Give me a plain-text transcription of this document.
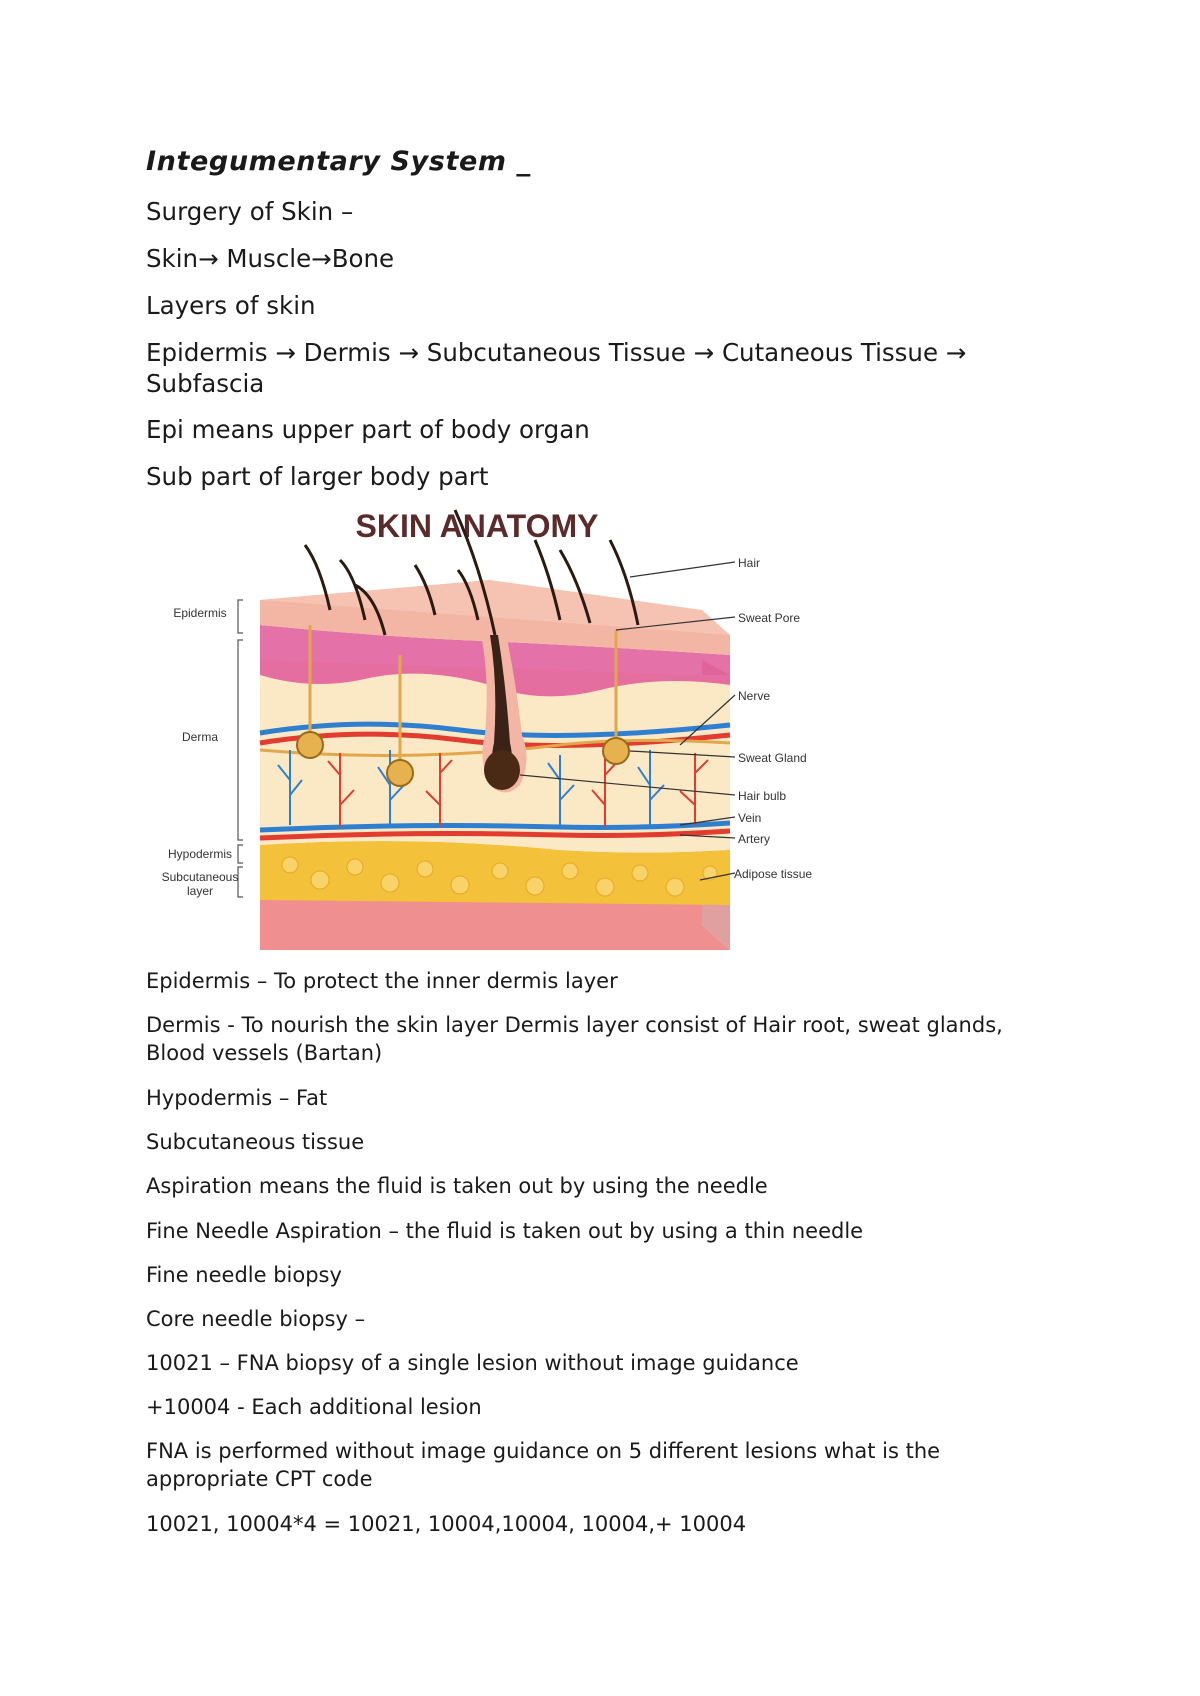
Integumentary System _
Surgery of Skin –
Skin→ Muscle→Bone
Layers of skin
Epidermis → Dermis → Subcutaneous Tissue → Cutaneous Tissue → Subfascia
Epi means upper part of body organ
Sub part of larger body part
Epidermis – To protect the inner dermis layer
Dermis - To nourish the skin layer Dermis layer consist of Hair root, sweat glands, Blood vessels (Bartan)
Hypodermis – Fat
Subcutaneous tissue
Aspiration means the fluid is taken out by using the needle
Fine Needle Aspiration – the fluid is taken out by using a thin needle
Fine needle biopsy
Core needle biopsy –
10021 – FNA biopsy of a single lesion without image guidance
+10004 - Each additional lesion
FNA is performed without image guidance on 5 different lesions what is the appropriate CPT code
10021, 10004*4 = 10021, 10004,10004, 10004,+ 10004
SKIN ANATOMY
Epidermis
Derma
Hypodermis
Subcutaneous
layer
Hair
Sweat Pore
Nerve
Sweat Gland
Hair bulb
Vein
Artery
Adipose tissue
